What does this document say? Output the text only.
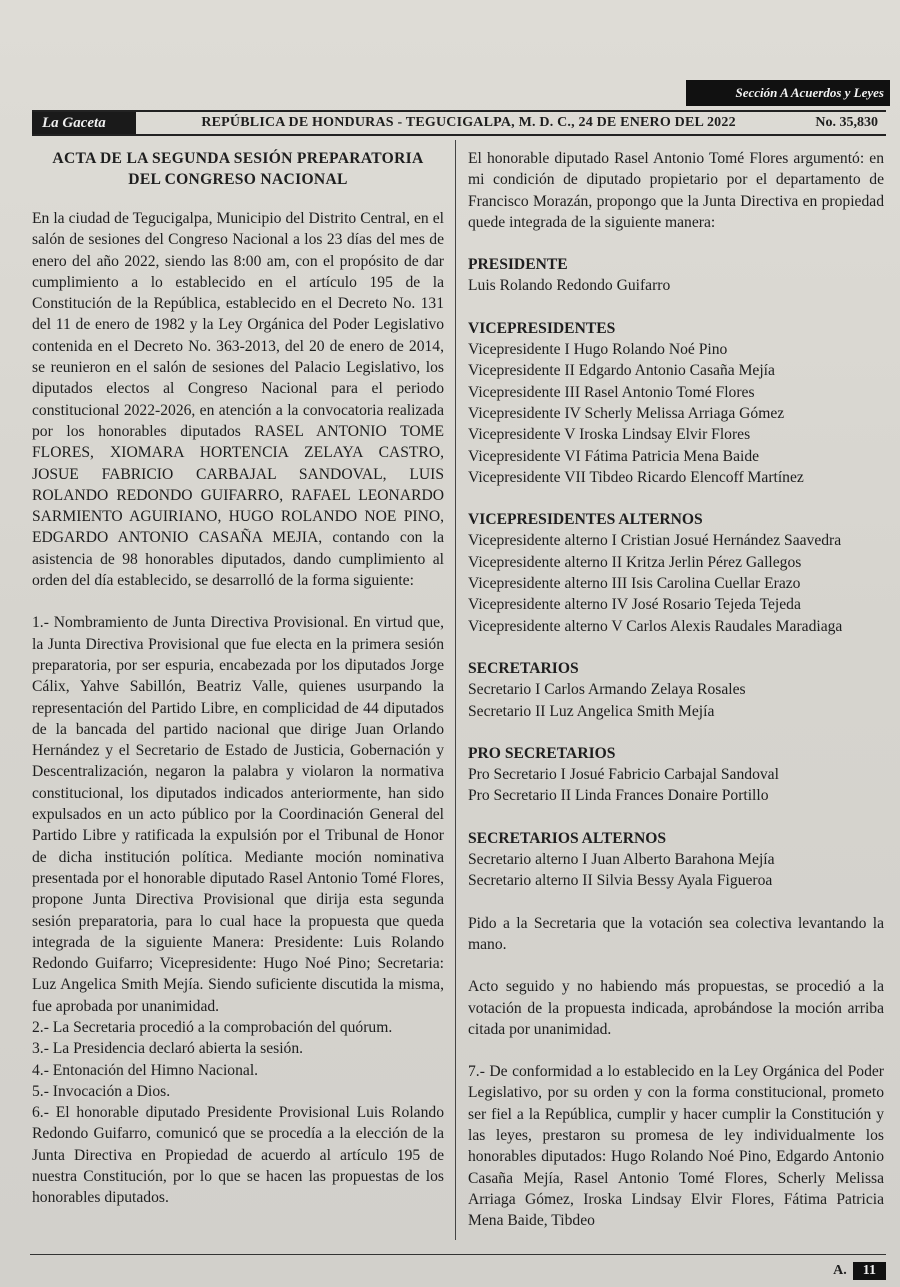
Sección A Acuerdos y Leyes
La Gaceta	REPÚBLICA DE HONDURAS - TEGUCIGALPA, M. D. C., 24 DE ENERO DEL 2022	No. 35,830
ACTA DE LA SEGUNDA SESIÓN PREPARATORIA
DEL CONGRESO NACIONAL

En la ciudad de Tegucigalpa, Municipio del Distrito Central, en el salón de sesiones del Congreso Nacional a los 23 días del mes de enero del año 2022, siendo las 8:00 am, con el propósito de dar cumplimiento a lo establecido en el artículo 195 de la Constitución de la República, establecido en el Decreto No. 131 del 11 de enero de 1982 y la Ley Orgánica del Poder Legislativo contenida en el Decreto No. 363-2013, del 20 de enero de 2014, se reunieron en el salón de sesiones del Palacio Legislativo, los diputados electos al Congreso Nacional para el periodo constitucional 2022-2026, en atención a la convocatoria realizada por los honorables diputados RASEL ANTONIO TOME FLORES, XIOMARA HORTENCIA ZELAYA CASTRO, JOSUE FABRICIO CARBAJAL SANDOVAL, LUIS ROLANDO REDONDO GUIFARRO, RAFAEL LEONARDO SARMIENTO AGUIRIANO, HUGO ROLANDO NOE PINO, EDGARDO ANTONIO CASAÑA MEJIA, contando con la asistencia de 98 honorables diputados, dando cumplimiento al orden del día establecido, se desarrolló de la forma siguiente:

1.- Nombramiento de Junta Directiva Provisional. En virtud que, la Junta Directiva Provisional que fue electa en la primera sesión preparatoria, por ser espuria, encabezada por los diputados Jorge Cálix, Yahve Sabillón, Beatriz Valle, quienes usurpando la representación del Partido Libre, en complicidad de 44 diputados de la bancada del partido nacional que dirige Juan Orlando Hernández y el Secretario de Estado de Justicia, Gobernación y Descentralización, negaron la palabra y violaron la normativa constitucional, los diputados indicados anteriormente, han sido expulsados en un acto público por la Coordinación General del Partido Libre y ratificada la expulsión por el Tribunal de Honor de dicha institución política. Mediante moción nominativa presentada por el honorable diputado Rasel Antonio Tomé Flores, propone Junta Directiva Provisional que dirija esta segunda sesión preparatoria, para lo cual hace la propuesta que queda integrada de la siguiente Manera: Presidente: Luis Rolando Redondo Guifarro; Vicepresidente: Hugo Noé Pino; Secretaria: Luz Angelica Smith Mejía. Siendo suficiente discutida la misma, fue aprobada por unanimidad.

2.- La Secretaria procedió a la comprobación del quórum.

3.- La Presidencia declaró abierta la sesión.

4.- Entonación del Himno Nacional.

5.- Invocación a Dios.

6.- El honorable diputado Presidente Provisional Luis Rolando Redondo Guifarro, comunicó que se procedía a la elección de la Junta Directiva en Propiedad de acuerdo al artículo 195 de nuestra Constitución, por lo que se hacen las propuestas de los honorables diputados.

El honorable diputado Rasel Antonio Tomé Flores argumentó: en mi condición de diputado propietario por el departamento de Francisco Morazán, propongo que la Junta Directiva en propiedad quede integrada de la siguiente manera:

PRESIDENTE
Luis Rolando Redondo Guifarro
VICEPRESIDENTES
Vicepresidente I Hugo Rolando Noé Pino
Vicepresidente II Edgardo Antonio Casaña Mejía
Vicepresidente III Rasel Antonio Tomé Flores
Vicepresidente IV Scherly Melissa Arriaga Gómez
Vicepresidente V Iroska Lindsay Elvir Flores
Vicepresidente VI Fátima Patricia Mena Baide
Vicepresidente VII Tibdeo Ricardo Elencoff Martínez
VICEPRESIDENTES ALTERNOS
Vicepresidente alterno I Cristian Josué Hernández Saavedra
Vicepresidente alterno II Kritza Jerlin Pérez Gallegos
Vicepresidente alterno III Isis Carolina Cuellar Erazo
Vicepresidente alterno IV José Rosario Tejeda Tejeda
Vicepresidente alterno V Carlos Alexis Raudales Maradiaga
SECRETARIOS
Secretario I Carlos Armando Zelaya Rosales
Secretario II Luz Angelica Smith Mejía
PRO SECRETARIOS
Pro Secretario I Josué Fabricio Carbajal Sandoval
Pro Secretario II Linda Frances Donaire Portillo
SECRETARIOS ALTERNOS
Secretario alterno I Juan Alberto Barahona Mejía
Secretario alterno II Silvia Bessy Ayala Figueroa

Pido a la Secretaria que la votación sea colectiva levantando la mano.

Acto seguido y no habiendo más propuestas, se procedió a la votación de la propuesta indicada, aprobándose la moción arriba citada por unanimidad.

7.- De conformidad a lo establecido en la Ley Orgánica del Poder Legislativo, por su orden y con la forma constitucional, prometo ser fiel a la República, cumplir y hacer cumplir la Constitución y las leyes, prestaron su promesa de ley individualmente los honorables diputados: Hugo Rolando Noé Pino, Edgardo Antonio Casaña Mejía, Rasel Antonio Tomé Flores, Scherly Melissa Arriaga Gómez, Iroska Lindsay Elvir Flores, Fátima Patricia Mena Baide, Tibdeo

A.	11
